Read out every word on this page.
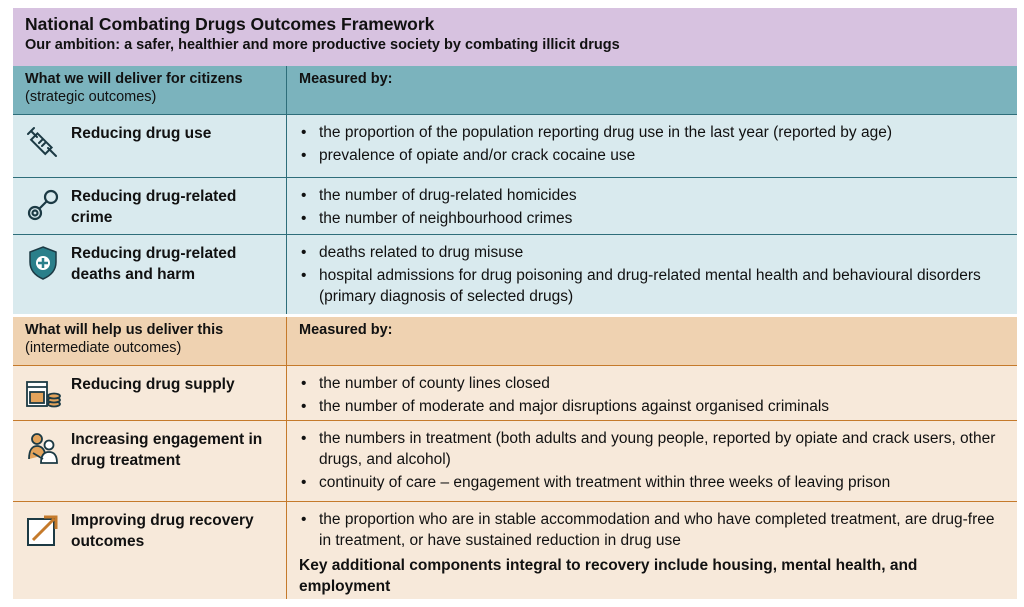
National Combating Drugs Outcomes Framework
Our ambition: a safer, healthier and more productive society by combating illicit drugs
What we will deliver for citizens
(strategic outcomes)
Measured by:
Reducing drug use	• the proportion of the population reporting drug use in the last year (reported by age)
• prevalence of opiate and/or crack cocaine use
Reducing drug-related crime
• the number of drug-related homicides
• the number of neighbourhood crimes
Reducing drug-related deaths and harm
• deaths related to drug misuse
• hospital admissions for drug poisoning and drug-related mental health and behavioural disorders (primary diagnosis of selected drugs)
What will help us deliver this
(intermediate outcomes)
Measured by:
Reducing drug supply	• the number of county lines closed
• the number of moderate and major disruptions against organised criminals
Increasing engagement in drug treatment
• the numbers in treatment (both adults and young people, reported by opiate and crack users, other drugs, and alcohol)
• continuity of care – engagement with treatment within three weeks of leaving prison
Improving drug recovery outcomes
• the proportion who are in stable accommodation and who have completed treatment, are drug-free in treatment, or have sustained reduction in drug use
Key additional components integral to recovery include housing, mental health, and employment
